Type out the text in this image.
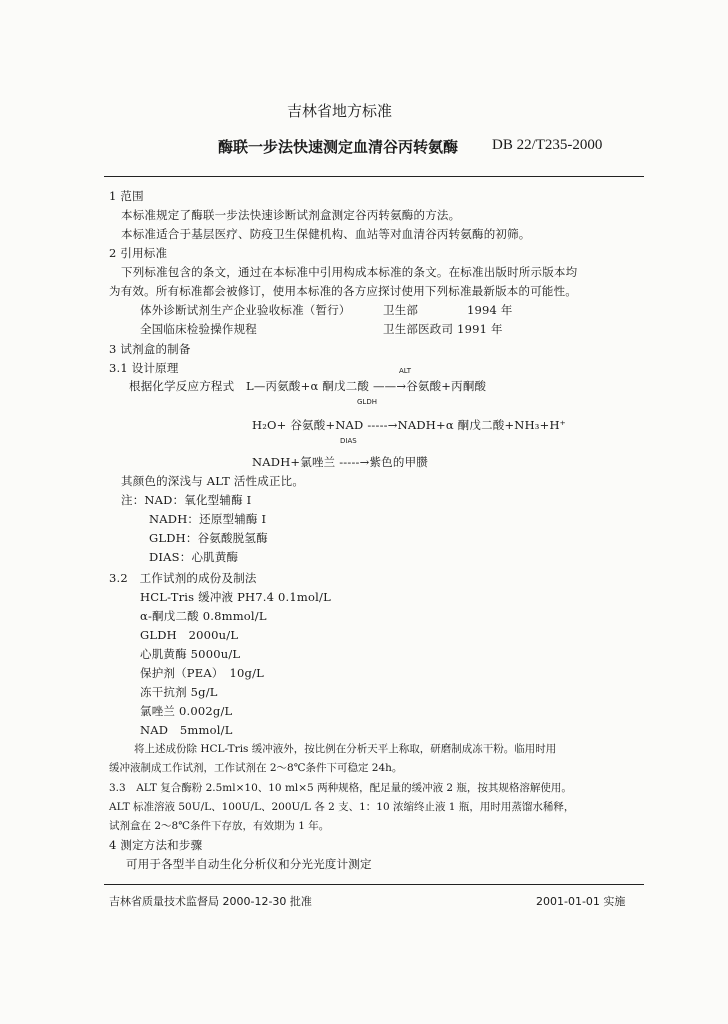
吉林省地方标准
酶联一步法快速测定血清谷丙转氨酶 DB 22/T235-2000
1 范围
本标准规定了酶联一步法快速诊断试剂盒测定谷丙转氨酶的方法。
本标准适合于基层医疗、防疫卫生保健机构、血站等对血清谷丙转氨酶的初筛。
2 引用标准
下列标准包含的条文，通过在本标准中引用构成本标准的条文。在标准出版时所示版本均
为有效。所有标准都会被修订，使用本标准的各方应探讨使用下列标准最新版本的可能性。
体外诊断试剂生产企业验收标准（暂行）	卫生部	1994 年
全国临床检验操作规程	卫生部医政司 1991 年
3 试剂盒的制备
3.1 设计原理	ALT
根据化学反应方程式　L—丙氨酸+α 酮戊二酸 ——→谷氨酸+丙酮酸
GLDH
H₂O+ 谷氨酸+NAD -----→NADH+α 酮戊二酸+NH₃+H⁺
DIAS
NADH+氯唑兰 -----→紫色的甲臜
其颜色的深浅与 ALT 活性成正比。
注：NAD：氧化型辅酶 Ⅰ
NADH：还原型辅酶 Ⅰ
GLDH：谷氨酸脱氢酶
DIAS：心肌黄酶
3.2　工作试剂的成份及制法
HCL-Tris 缓冲液 PH7.4 0.1mol/L
α-酮戊二酸 0.8mmol/L
GLDH　2000u/L
心肌黄酶 5000u/L
保护剂（PEA）　10g/L
冻干抗剂 5g/L
氯唑兰 0.002g/L
NAD　5mmol/L
将上述成份除 HCL-Tris 缓冲液外，按比例在分析天平上称取，研磨制成冻干粉。临用时用
缓冲液制成工作试剂，工作试剂在 2～8℃条件下可稳定 24h。
3.3　ALT 复合酶粉 2.5ml×10、10 ml×5 两种规格，配足量的缓冲液 2 瓶，按其规格溶解使用。
ALT 标准溶液 50U/L、100U/L、200U/L 各 2 支、1：10 浓缩终止液 1 瓶，用时用蒸馏水稀释，
试剂盒在 2～8℃条件下存放，有效期为 1 年。
4 测定方法和步骤
可用于各型半自动生化分析仪和分光光度计测定
吉林省质量技术监督局 2000-12-30 批准	2001-01-01 实施
